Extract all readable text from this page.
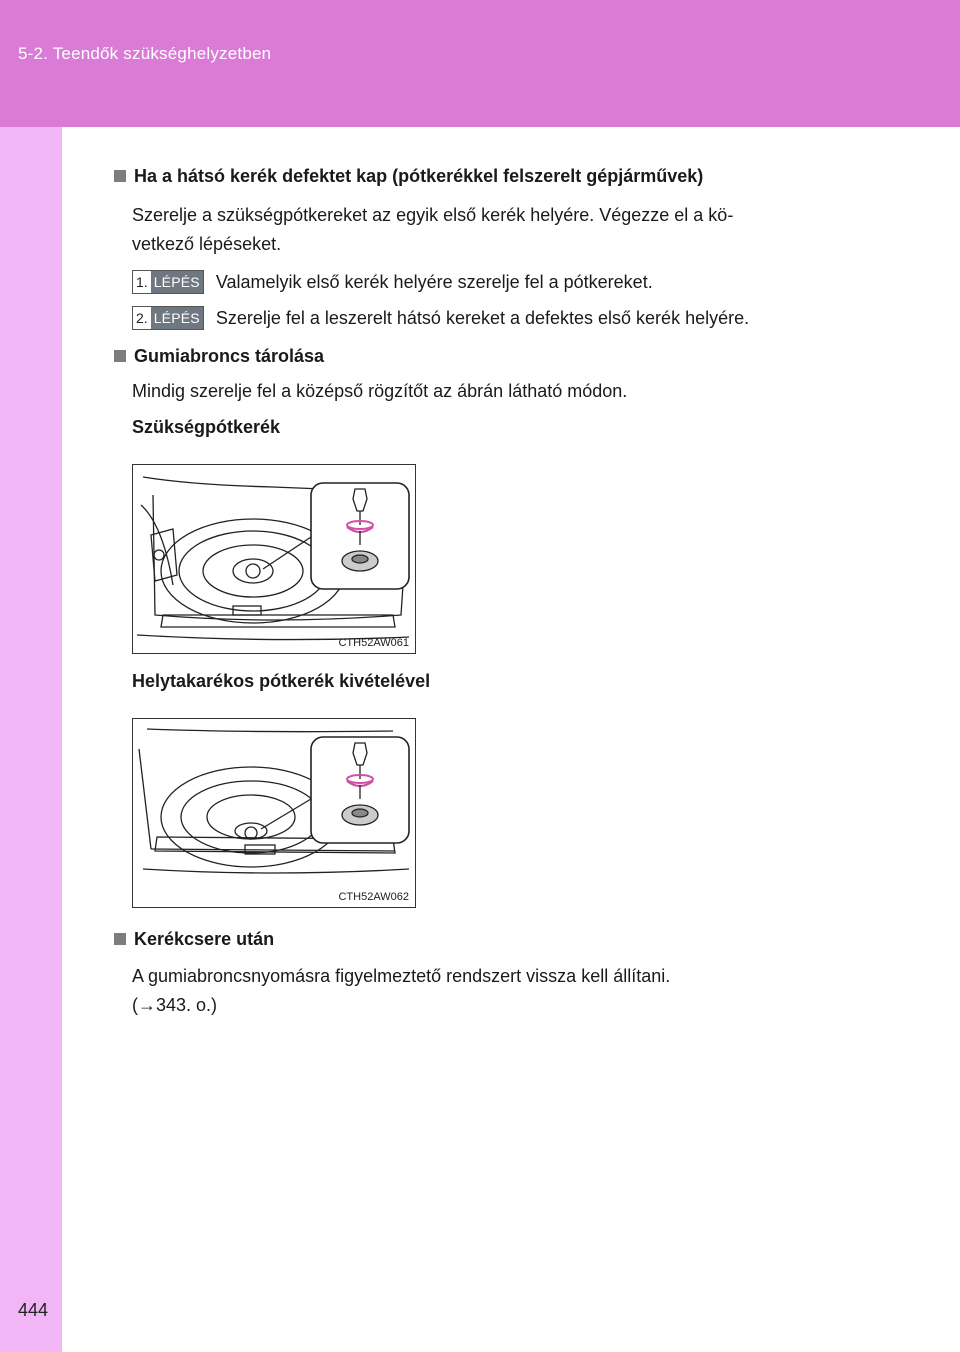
5-2. Teendők szükséghelyzetben
Ha a hátsó kerék defektet kap (pótkerékkel felszerelt gépjárművek)
Szerelje a szükségpótkereket az egyik első kerék helyére. Végezze el a kö-
vetkező lépéseket.
1. LÉPÉS Valamelyik első kerék helyére szerelje fel a pótkereket.
2. LÉPÉS Szerelje fel a leszerelt hátsó kereket a defektes első kerék helyére.
Gumiabroncs tárolása
Mindig szerelje fel a középső rögzítőt az ábrán látható módon.
Szükségpótkerék
CTH52AW061
Helytakarékos pótkerék kivételével
CTH52AW062
Kerékcsere után
A gumiabroncsnyomásra figyelmeztető rendszert vissza kell állítani.
(→343. o.)
444
